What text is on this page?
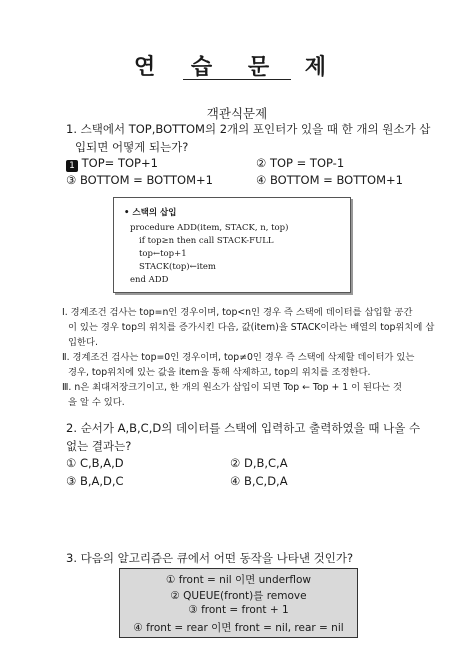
연 습 문 제
객관식문제
1. 스택에서 TOP,BOTTOM의 2개의 포인터가 있을 때 한 개의 원소가 삽
입되면 어떻게 되는가?
1 TOP= TOP+1	② TOP = TOP-1
③ BOTTOM = BOTTOM+1	④ BOTTOM = BOTTOM+1
• 스택의 삽입
procedure ADD(item, STACK, n, top)
if top≥n then call STACK-FULL
top←top+1
STACK(top)←item
end ADD
Ⅰ. 경계조건 검사는 top=n인 경우이며, top<n인 경우 즉 스택에 데이터를 삽입할 공간
이 있는 경우 top의 위치를 증가시킨 다음, 값(item)을 STACK이라는 배열의 top위치에 삽
입한다.
Ⅱ. 경계조건 검사는 top=0인 경우이며, top≠0인 경우 즉 스택에 삭제할 데이터가 있는
경우, top위치에 있는 값을 item을 통해 삭제하고, top의 위치를 조정한다.
Ⅲ. n은 최대저장크기이고, 한 개의 원소가 삽입이 되면 Top ← Top + 1 이 된다는 것
을 알 수 있다.
2. 순서가 A,B,C,D의 데이터를 스택에 입력하고 출력하였을 때 나올 수
없는 결과는?
① C,B,A,D	② D,B,C,A
③ B,A,D,C	④ B,C,D,A
3. 다음의 알고리즘은 큐에서 어떤 동작을 나타낸 것인가?
① front = nil 이면 underflow
② QUEUE(front)를 remove
③ front = front + 1
④ front = rear 이면 front = nil, rear = nil
